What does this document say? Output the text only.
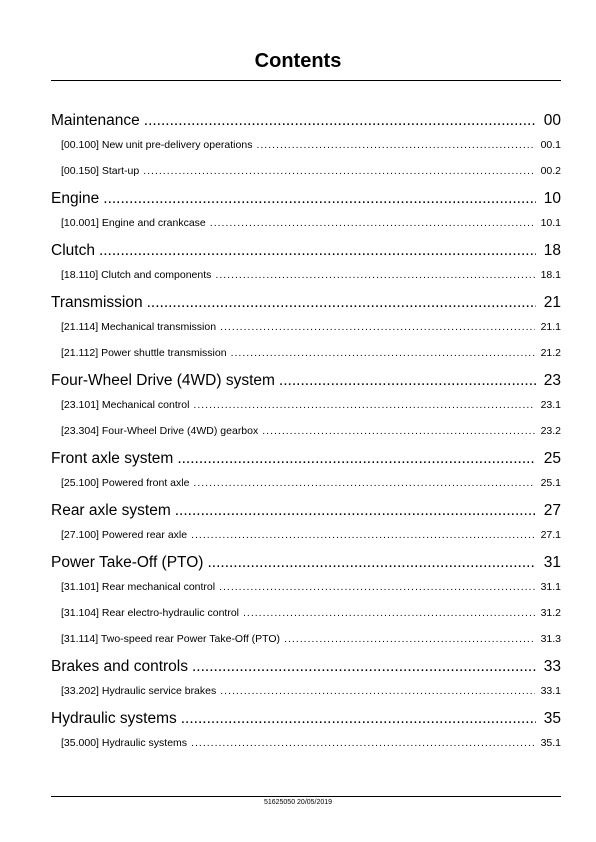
Contents
Maintenance .....	00
[00.100] New unit pre-delivery operations .....	00.1
[00.150] Start-up .....	00.2
Engine .....	10
[10.001] Engine and crankcase .....	10.1
Clutch .....	18
[18.110] Clutch and components .....	18.1
Transmission .....	21
[21.114] Mechanical transmission .....	21.1
[21.112] Power shuttle transmission .....	21.2
Four-Wheel Drive (4WD) system .....	23
[23.101] Mechanical control .....	23.1
[23.304] Four-Wheel Drive (4WD) gearbox .....	23.2
Front axle system .....	25
[25.100] Powered front axle .....	25.1
Rear axle system .....	27
[27.100] Powered rear axle .....	27.1
Power Take-Off (PTO) .....	31
[31.101] Rear mechanical control .....	31.1
[31.104] Rear electro-hydraulic control .....	31.2
[31.114] Two-speed rear Power Take-Off (PTO) .....	31.3
Brakes and controls .....	33
[33.202] Hydraulic service brakes .....	33.1
Hydraulic systems .....	35
[35.000] Hydraulic systems .....	35.1
51625050 20/05/2019
